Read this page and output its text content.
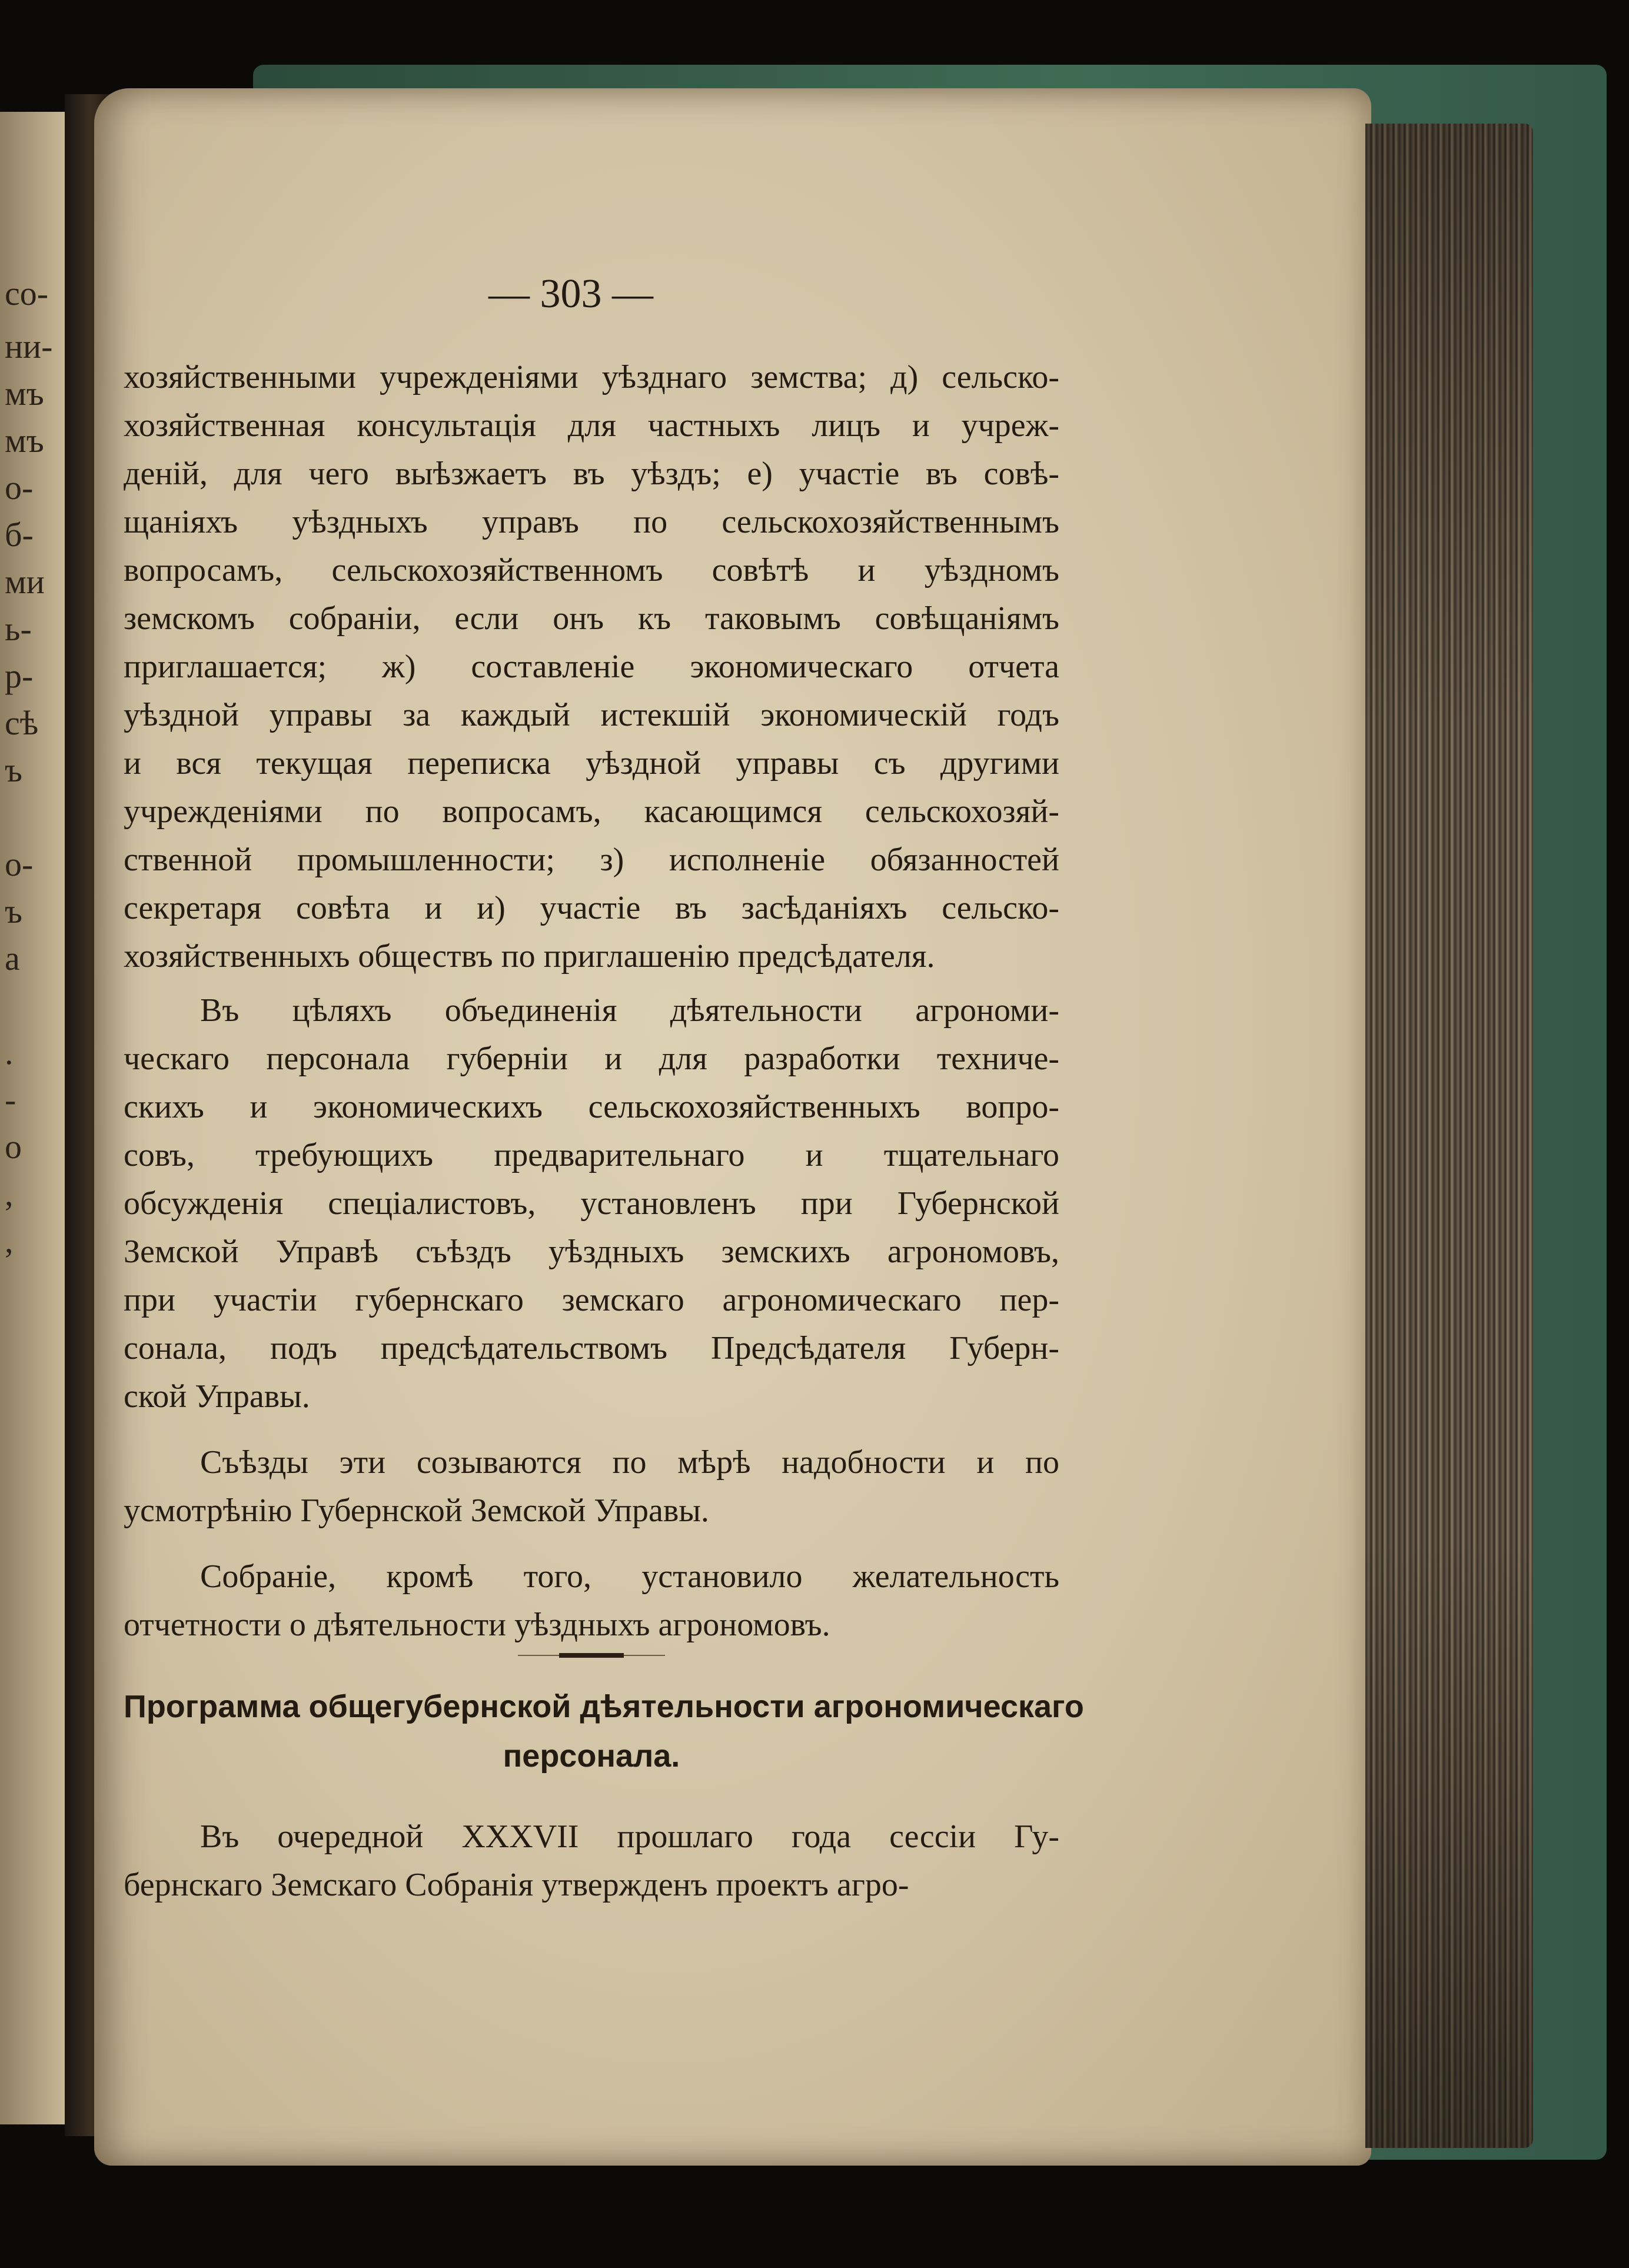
со-
ни-
мъ
мъ
о-
б-
ми
ь-
р-
сѣ
ъ
о-
ъ
а
.
-
о
,
,
— 303 —
хозяйственными учрежденіями уѣзднаго земства; д) сельско-
хозяйственная консультація для частныхъ лицъ и учреж-
деній, для чего выѣзжаетъ въ уѣздъ; е) участіе въ совѣ-
щаніяхъ уѣздныхъ управъ по сельскохозяйственнымъ
вопросамъ, сельскохозяйственномъ совѣтѣ и уѣздномъ
земскомъ собраніи, если онъ къ таковымъ совѣщаніямъ
приглашается; ж) составленіе экономическаго отчета
уѣздной управы за каждый истекшій экономическій годъ
и вся текущая переписка уѣздной управы съ другими
учрежденіями по вопросамъ, касающимся сельскохозяй-
ственной промышленности; з) исполненіе обязанностей
секретаря совѣта и и) участіе въ засѣданіяхъ сельско-
хозяйственныхъ обществъ по приглашенію предсѣдателя.
Въ цѣляхъ объединенія дѣятельности агрономи-
ческаго персонала губерніи и для разработки техниче-
скихъ и экономическихъ сельскохозяйственныхъ вопро-
совъ, требующихъ предварительнаго и тщательнаго
обсужденія спеціалистовъ, установленъ при Губернской
Земской Управѣ съѣздъ уѣздныхъ земскихъ агрономовъ,
при участіи губернскаго земскаго агрономическаго пер-
сонала, подъ предсѣдательствомъ Предсѣдателя Губерн-
ской Управы.
Съѣзды эти созываются по мѣрѣ надобности и по
усмотрѣнію Губернской Земской Управы.
Собраніе, кромѣ того, установило желательность
отчетности о дѣятельности уѣздныхъ агрономовъ.
Программа общегубернской дѣятельности агрономическаго
персонала.
Въ очередной XXXVII прошлаго года сессіи Гу-
бернскаго Земскаго Собранія утвержденъ проектъ агро-
